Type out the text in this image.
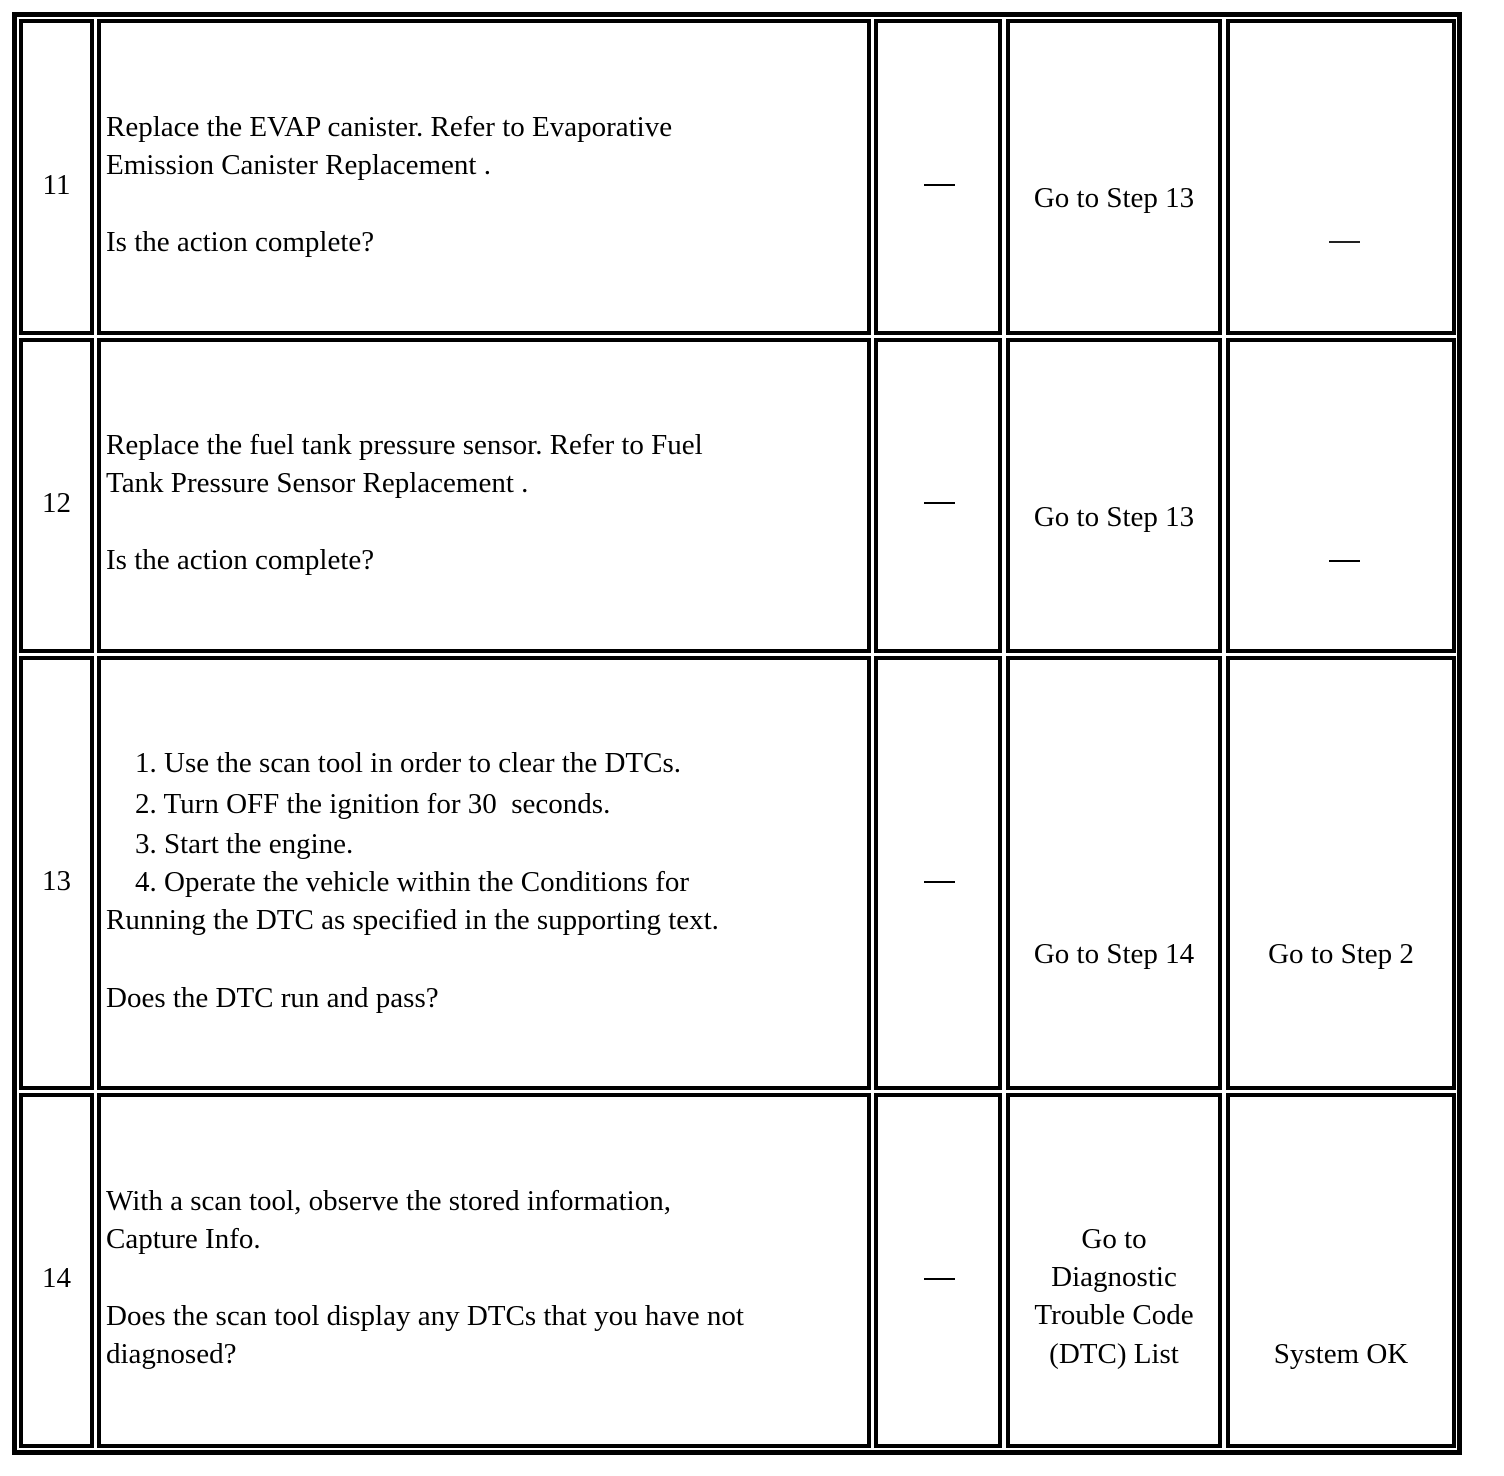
11
Replace the EVAP canister. Refer to Evaporative
Emission Canister Replacement .
Is the action complete?
Go to Step 13
12
Replace the fuel tank pressure sensor. Refer to Fuel
Tank Pressure Sensor Replacement .
Is the action complete?
Go to Step 13
13
1. Use the scan tool in order to clear the DTCs.
2. Turn OFF the ignition for 30  seconds.
3. Start the engine.
4. Operate the vehicle within the Conditions for
Running the DTC as specified in the supporting text.
Does the DTC run and pass?
Go to Step 14	Go to Step 2
14
With a scan tool, observe the stored information,
Capture Info.
Does the scan tool display any DTCs that you have not
diagnosed?
Go to
Diagnostic
Trouble Code
(DTC) List	System OK
